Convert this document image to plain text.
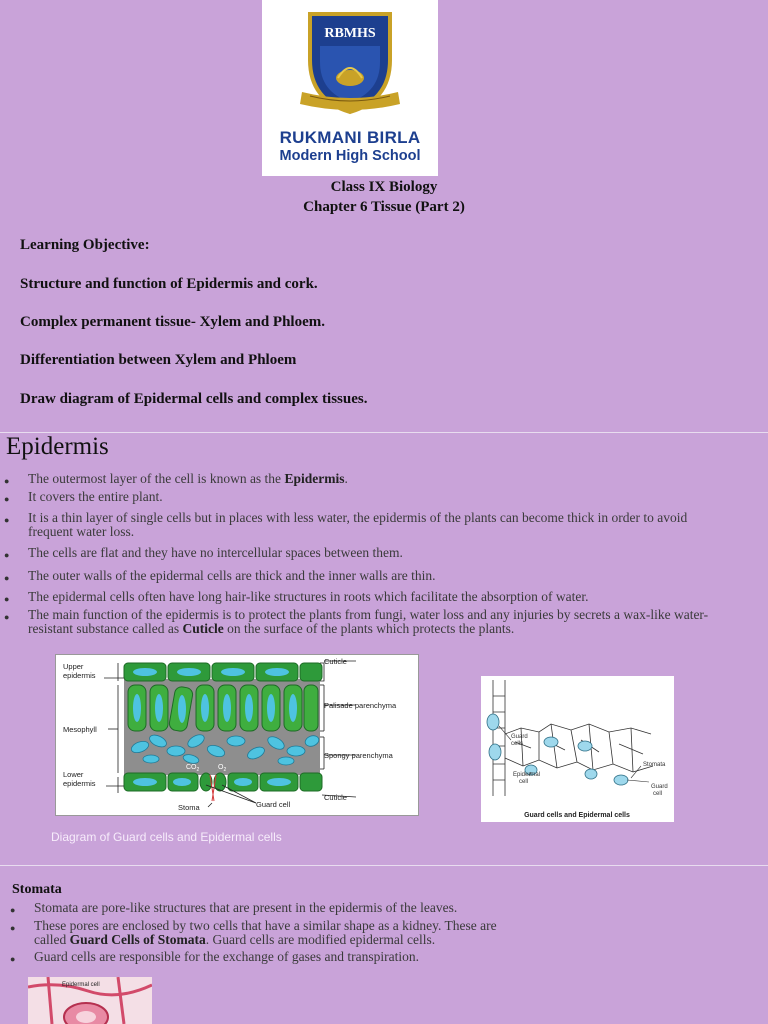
RBMHS
RUKMANI BIRLA
Modern High School
Class IX Biology
Chapter 6 Tissue (Part 2)
Learning Objective:
Structure and function of Epidermis and cork.
Complex permanent tissue- Xylem and Phloem.
Differentiation between Xylem and Phloem
Draw diagram of Epidermal cells and complex tissues.
Epidermis
● The outermost layer of the cell is known as the Epidermis.
● It covers the entire plant.
● It is a thin layer of single cells but in places with less water, the epidermis of the plants can become thick in order to avoid
frequent water loss.
● The cells are flat and they have no intercellular spaces between them.
● The outer walls of the epidermal cells are thick and the inner walls are thin.
● The epidermal cells often have long hair-like structures in roots which facilitate the absorption of water.
● The main function of the epidermis is to protect the plants from fungi, water loss and any injuries by secrets a wax-like water-
resistant substance called as Cuticle on the surface of the plants which protects the plants.
$CO_2$	$O_2$
Upper epidermis
Mesophyll
Lower epidermis
Cuticle
Palisade parenchyma
Spongy parenchyma
Cuticle
Guard cell
Stoma
Guard cells
Epidermal cell
Stomata
Guard cell
Guard cells and Epidermal cells
Diagram of Guard cells and Epidermal cells
Stomata
● Stomata are pore-like structures that are present in the epidermis of the leaves.
● These pores are enclosed by two cells that have a similar shape as a kidney. These are
called Guard Cells of Stomata. Guard cells are modified epidermal cells.
● Guard cells are responsible for the exchange of gases and transpiration.
Epidermal cell
